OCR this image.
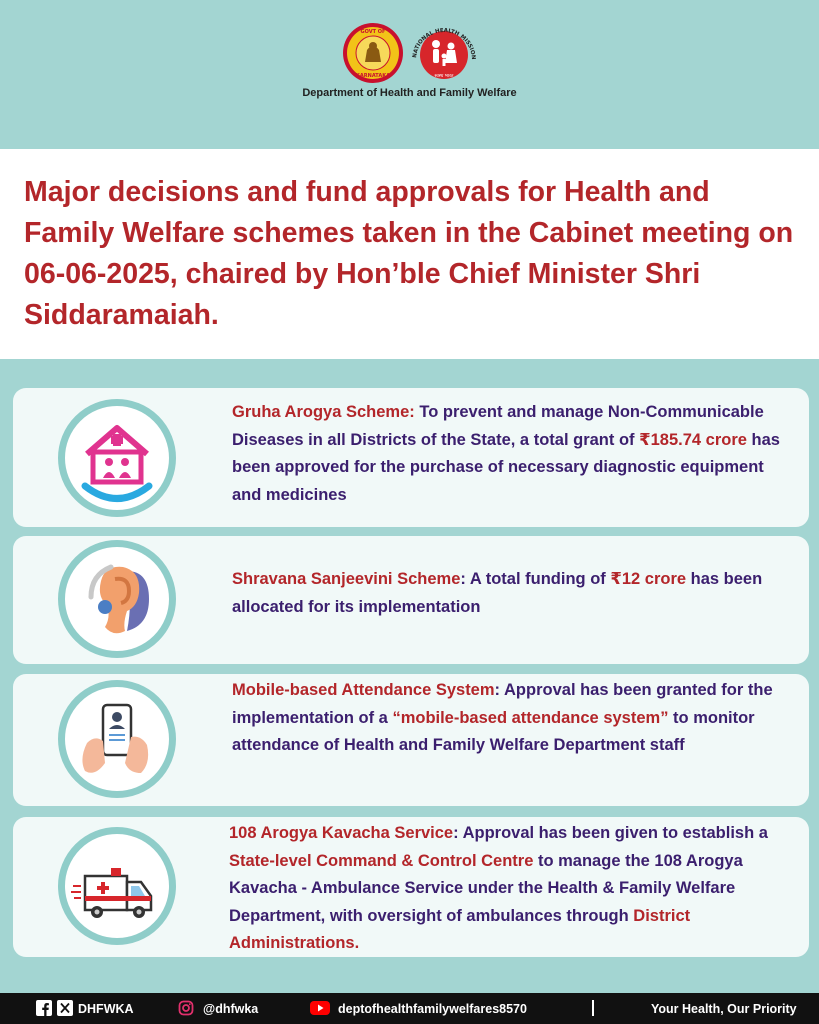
GOVT OF
KARNATAKA	स्वस्थ भारत
NATIONAL HEALTH MISSION
Department of Health and Family Welfare
Major decisions and fund approvals for Health and Family Welfare schemes taken in the Cabinet meeting on 06-06-2025, chaired by Hon’ble Chief Minister Shri Siddaramaiah.
Gruha Arogya Scheme: To prevent and manage Non-Communicable Diseases in all Districts of the State, a total grant of ₹185.74 crore has been approved for the purchase of necessary diagnostic equipment and medicines
Shravana Sanjeevini Scheme: A total funding of ₹12 crore has been allocated for its implementation
Mobile-based Attendance System: Approval has been granted for the implementation of a “mobile-based attendance system” to monitor attendance of Health and Family Welfare Department staff
108 Arogya Kavacha Service: Approval has been given to establish a State-level Command & Control Centre to manage the 108 Arogya Kavacha - Ambulance Service under the Health & Family Welfare Department, with oversight of ambulances through District Administrations.
DHFWKA	@dhfwka	deptofhealthfamilywelfares8570	Your Health, Our Priority
